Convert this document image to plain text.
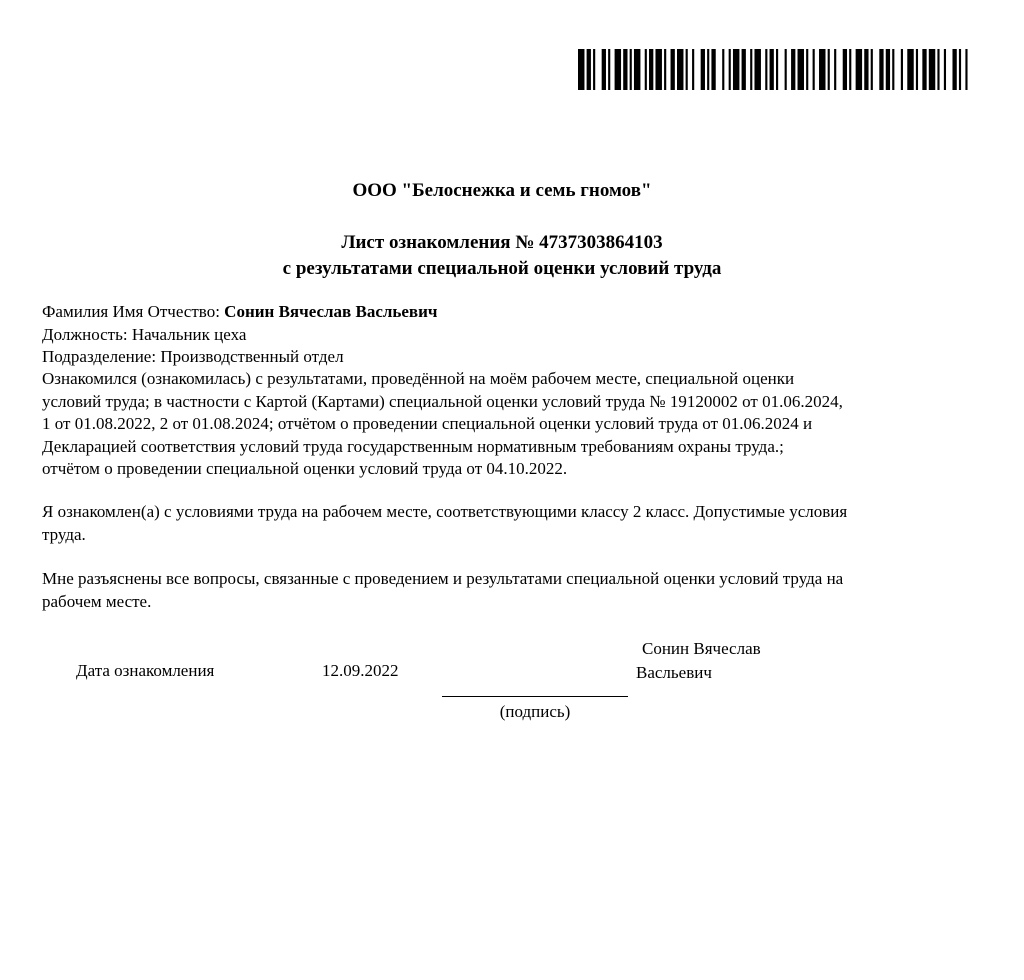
ООО "Белоснежка и семь гномов"
Лист ознакомления № 4737303864103
с результатами специальной оценки условий труда
Фамилия Имя Отчество: Сонин Вячеслав Васльевич
Должность: Начальник цеха
Подразделение: Производственный отдел
Ознакомился (ознакомилась) с результатами, проведённой на моём рабочем месте, специальной оценки
условий труда; в частности с Картой (Картами) специальной оценки условий труда № 19120002 от 01.06.2024,
1 от 01.08.2022, 2 от 01.08.2024; отчётом о проведении специальной оценки условий труда от 01.06.2024 и
Декларацией соответствия условий труда государственным нормативным требованиям охраны труда.;
отчётом о проведении специальной оценки условий труда от 04.10.2022.
Я ознакомлен(а) с условиями труда на рабочем месте, соответствующими классу 2 класс. Допустимые условия
труда.
Мне разъяснены все вопросы, связанные с проведением и результатами специальной оценки условий труда на
рабочем месте.
Дата ознакомления	12.09.2022
Сонин Вячеслав
Васльевич
(подпись)
